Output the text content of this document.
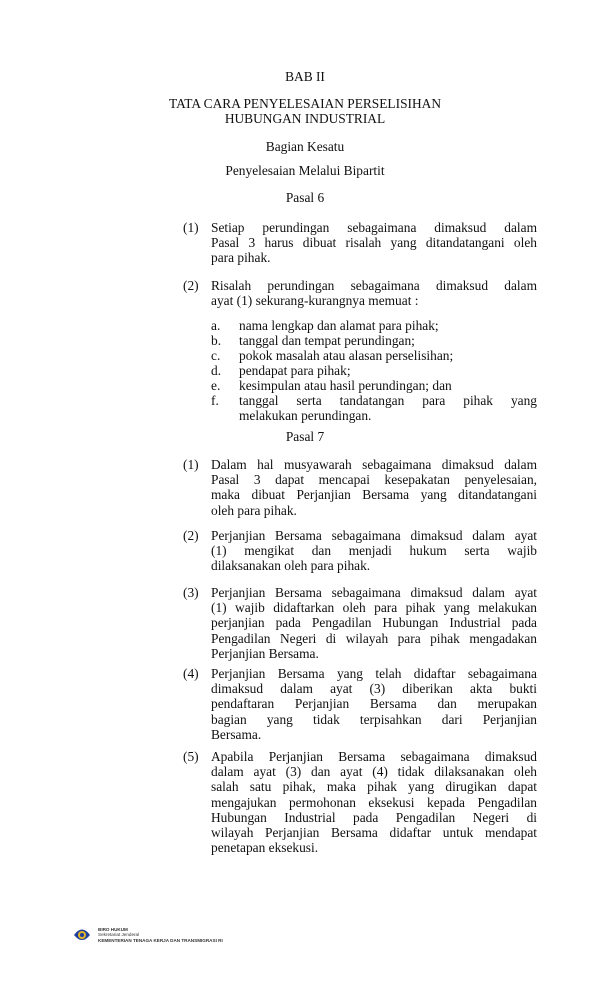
BAB II
TATA CARA PENYELESAIAN PERSELISIHAN
HUBUNGAN INDUSTRIAL
Bagian Kesatu
Penyelesaian Melalui Bipartit
Pasal 6
Pasal 7
(1) Setiap perundingan sebagaimana dimaksud dalam
Pasal 3 harus dibuat risalah yang ditandatangani oleh
para pihak.
(2) Risalah perundingan sebagaimana dimaksud dalam
ayat (1) sekurang-kurangnya memuat :
a. nama lengkap dan alamat para pihak;
b. tanggal dan tempat perundingan;
c. pokok masalah atau alasan perselisihan;
d. pendapat para pihak;
e. kesimpulan atau hasil perundingan; dan
f. tanggal serta tandatangan para pihak yang
melakukan perundingan.
(1) Dalam hal musyawarah sebagaimana dimaksud dalam
Pasal 3 dapat mencapai kesepakatan penyelesaian,
maka dibuat Perjanjian Bersama yang ditandatangani
oleh para pihak.
(2) Perjanjian Bersama sebagaimana dimaksud dalam ayat
(1) mengikat dan menjadi hukum serta wajib
dilaksanakan oleh para pihak.
(3) Perjanjian Bersama sebagaimana dimaksud dalam ayat
(1) wajib didaftarkan oleh para pihak yang melakukan
perjanjian pada Pengadilan Hubungan Industrial pada
Pengadilan Negeri di wilayah para pihak mengadakan
Perjanjian Bersama.
(4) Perjanjian Bersama yang telah didaftar sebagaimana
dimaksud dalam ayat (3) diberikan akta bukti
pendaftaran Perjanjian Bersama dan merupakan
bagian yang tidak terpisahkan dari Perjanjian
Bersama.
(5) Apabila Perjanjian Bersama sebagaimana dimaksud
dalam ayat (3) dan ayat (4) tidak dilaksanakan oleh
salah satu pihak, maka pihak yang dirugikan dapat
mengajukan permohonan eksekusi kepada Pengadilan
Hubungan Industrial pada Pengadilan Negeri di
wilayah Perjanjian Bersama didaftar untuk mendapat
penetapan eksekusi.
BIRO HUKUM
Sekretariat Jenderal
KEMENTERIAN TENAGA KERJA DAN TRANSMIGRASI RI
